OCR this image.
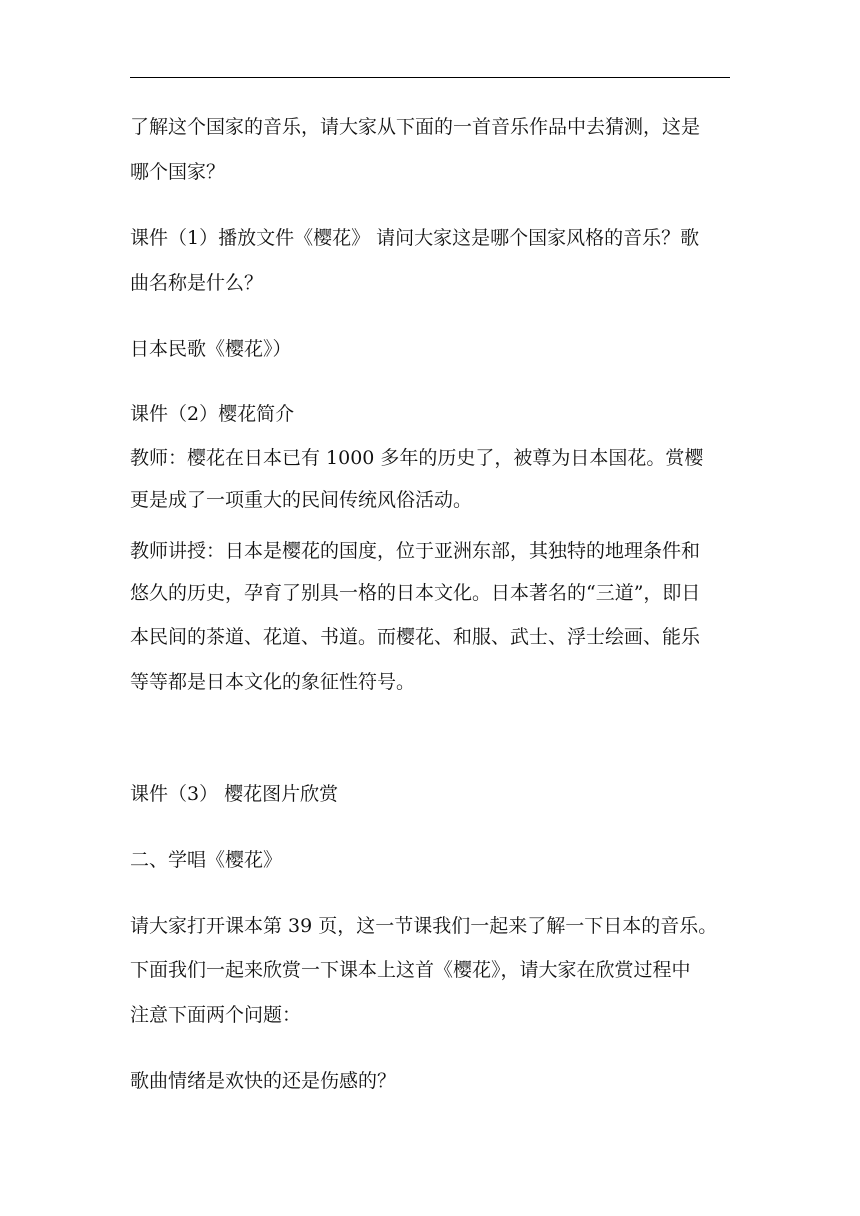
了解这个国家的音乐，请大家从下面的一首音乐作品中去猜测，这是
哪个国家？
课件（1）播放文件《樱花》 请问大家这是哪个国家风格的音乐？歌
曲名称是什么？
日本民歌《樱花》）
课件（2）樱花简介
教师：樱花在日本已有 1000 多年的历史了，被尊为日本国花。赏樱
更是成了一项重大的民间传统风俗活动。
教师讲授：日本是樱花的国度，位于亚洲东部，其独特的地理条件和
悠久的历史，孕育了别具一格的日本文化。日本著名的“三道”，即日
本民间的茶道、花道、书道。而樱花、和服、武士、浮士绘画、能乐
等等都是日本文化的象征性符号。
课件（3） 樱花图片欣赏
二、学唱《樱花》
请大家打开课本第 39 页，这一节课我们一起来了解一下日本的音乐。
下面我们一起来欣赏一下课本上这首《樱花》，请大家在欣赏过程中
注意下面两个问题：
歌曲情绪是欢快的还是伤感的？
